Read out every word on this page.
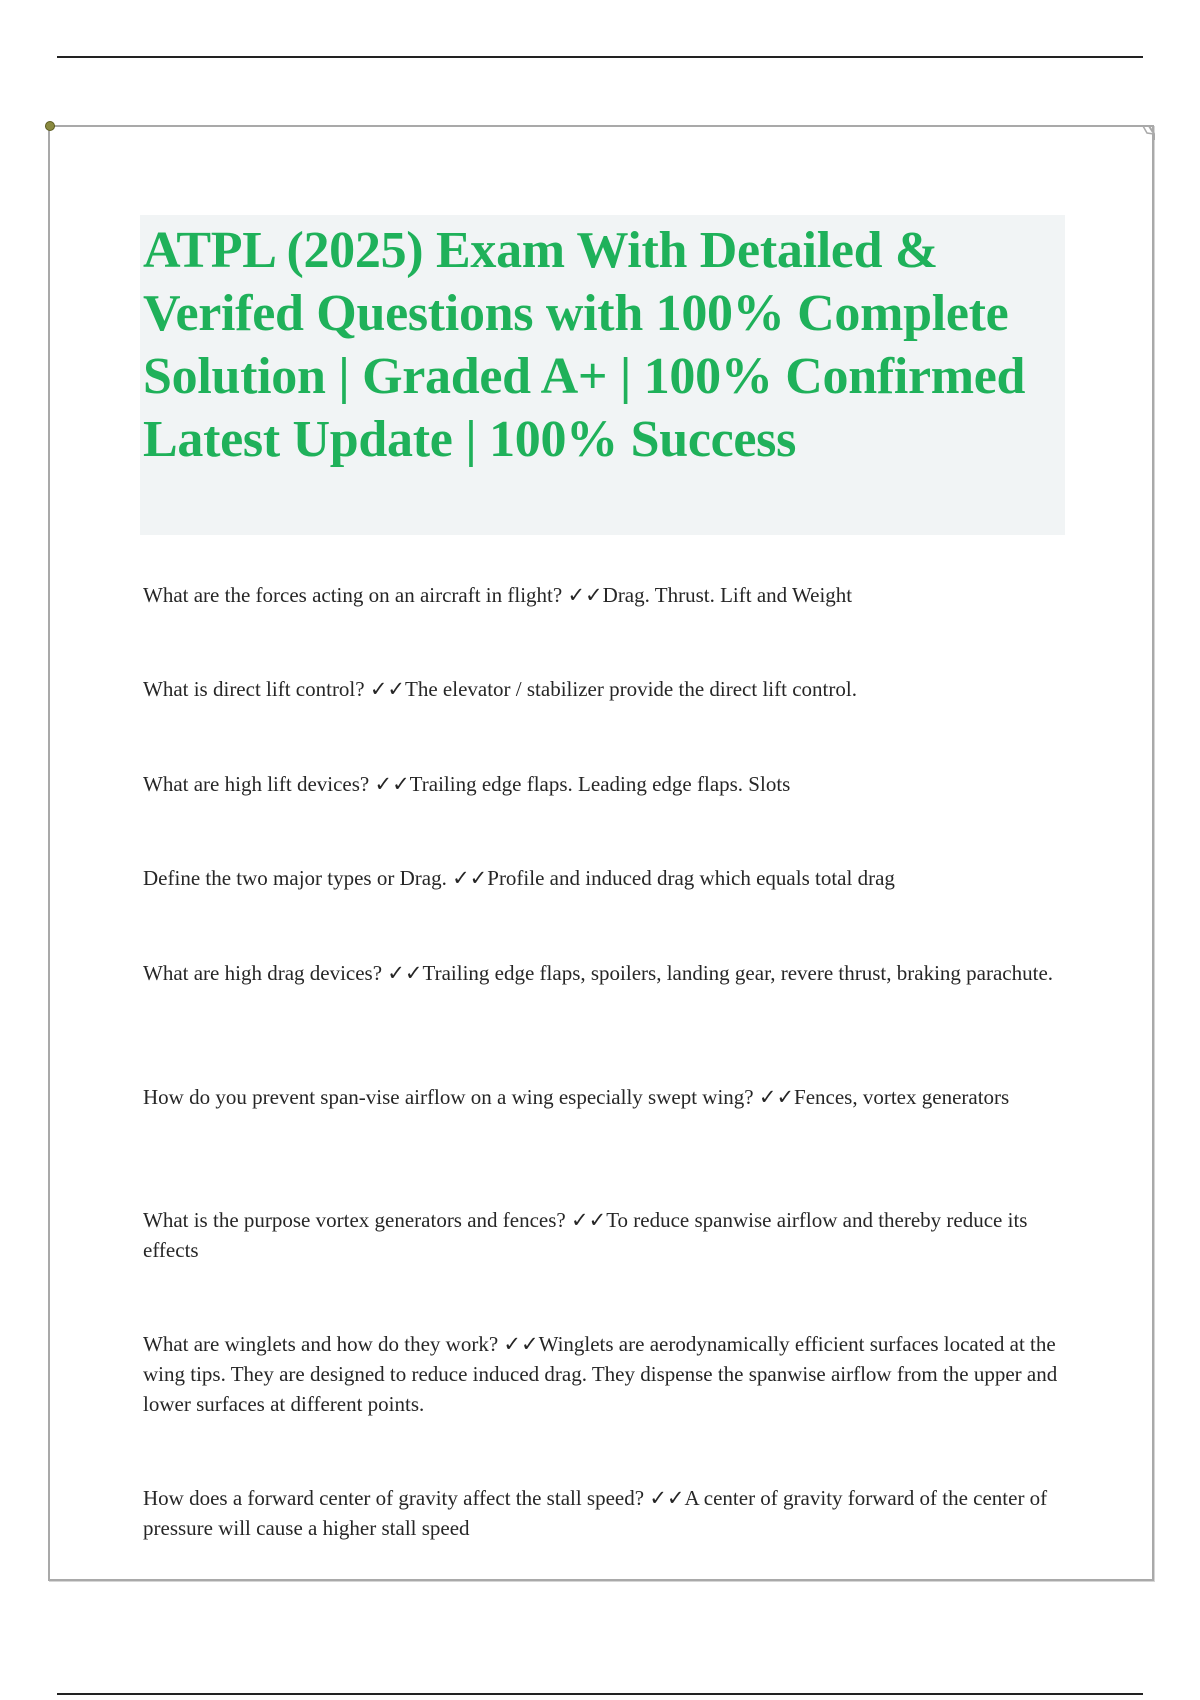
ATPL (2025) Exam With Detailed & Verifed Questions with 100% Complete Solution | Graded A+ | 100% Confirmed Latest Update | 100% Success

What are the forces acting on an aircraft in flight? ✓✓Drag. Thrust. Lift and Weight

What is direct lift control? ✓✓The elevator / stabilizer provide the direct lift control.

What are high lift devices? ✓✓Trailing edge flaps. Leading edge flaps. Slots

Define the two major types or Drag. ✓✓Profile and induced drag which equals total drag

What are high drag devices? ✓✓Trailing edge flaps, spoilers, landing gear, revere thrust, braking parachute.

How do you prevent span-vise airflow on a wing especially swept wing? ✓✓Fences, vortex generators

What is the purpose vortex generators and fences? ✓✓To reduce spanwise airflow and thereby reduce its effects

What are winglets and how do they work? ✓✓Winglets are aerodynamically efficient surfaces located at the wing tips. They are designed to reduce induced drag. They dispense the spanwise airflow from the upper and lower surfaces at different points.

How does a forward center of gravity affect the stall speed? ✓✓A center of gravity forward of the center of pressure will cause a higher stall speed
